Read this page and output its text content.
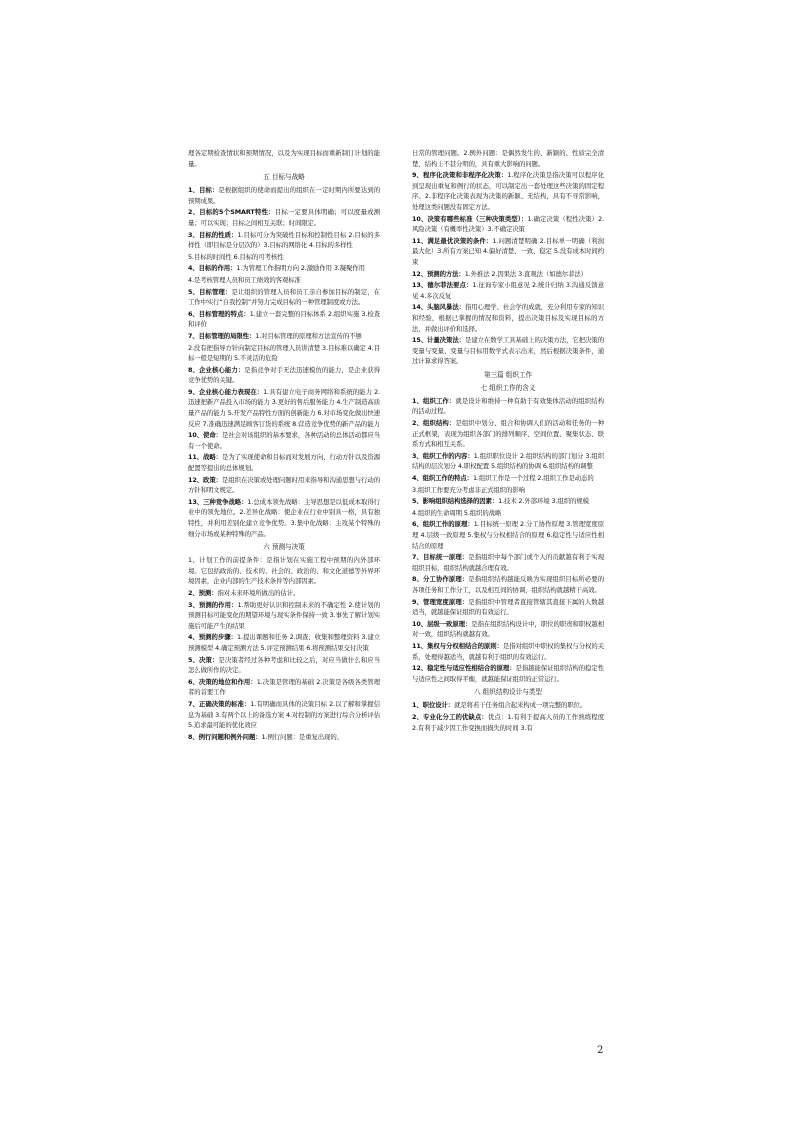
理各定期检查情状和预期情况，以及为实现目标而重新制订计划的能量。

五 目标与战略

1、目标：是根据组织的使命而提出的组织在一定时期内所要达到的预期成果。

2、目标的5个SMART特性：目标一定要具体明确；可以度量或测量；可以实现；目标之间相互关联；时间限定。

3、目标的性质：1.目标可分为突破性目标和控制性目标 2.目标的多样性（即目标是分层次的）3.目标的网络化 4.目标的多样性

5.目标的时间性 6.目标的可考核性

4、目标的作用：1.为管理工作指明方向 2.激励作用 3.凝聚作用

4.是考核管理人员和员工绩效的客观标准

5、目标管理：是让组织的管理人员和员工亲自参加目标的制定，在工作中实行“自我控制”并努力完成目标的一种管理制度或方法。

6、目标管理的特点：1.建立一套完整的目标体系 2.组织实施 3.检查和评价

7、目标管理的局限性：1.对目标管理的原理和方法宣传的不够

2.没有把指导方针向制定目标的管理人员讲清楚 3.目标难以确定 4.目标一般是短期的 5.不灵活的危险

8、企业核心能力：是指竞争对手无法迅速模仿的能力，是企业获得竞争优势的关键。

9、企业核心能力表现在：1.具有建立电子商务网络和系统的能力 2.迅速把新产品投入市场的能力 3.更好的售后服务能力 4.生产制造高质量产品的能力 5.开发产品特性方面的创新能力 6.对市场变化做出快速反应 7.准确迅速满足顾客订货的系统 8.营造竞争优势的新产品的能力

10、使命：是社会对该组织的基本要求，各种活动的总体活动都应当有一个使命。

11、战略：是为了实现使命和目标而对发展方向、行动方针以及资源配置等提出的总体规划。

12、政策：是组织在决策或处理问题时用来指导和沟通思想与行动的方针和明文规定。

13、三种竞争战略：1.总成本领先战略：主导思想是以低成本取得行业中的领先地位。2.差异化战略：使企业在行业中别具一格，具有独特性，并利用差别化建立竞争优势。3.集中化战略：主攻某个特殊的细分市场或某种特殊的产品。

六 预测与决策

1、计划工作的前提条件：是指计划在实施工程中预期的内外部环境。它包括政治的、技术的、社会的、政治的、和文化道德等外界环境因素，企业内部的生产技术条件等内部因素。

2、预测：指对未来环境所做出的估计。

3、预测的作用：1.帮助更好认识和控制未来的不确定性 2.使计划的预测目标可能变化的期望环境与现实条件保持一致 3.事先了解计划实施后可能产生的结果

4、预测的步骤：1.提出课题和任务 2.调查、收集和整理资料 3.建立预测模型 4.确定预测方法 5.评定预测结果 6.将预测结果交付决策

5、决策：是决策者经过各种考虑和比较之后，对应当做什么和应当怎么做所作的决定。

6、决策的地位和作用：1.决策是管理的基础 2.决策是各级各类管理者的首要工作

7、正确决策的标准：1.有明确而具体的决策目标 2.以了解和掌握信息为基础 3.有两个以上的备选方案 4.对控制的方案进行综合分析评估 5.追求最可能的优化效应

8、例行问题和例外问题：1.例行问题：是重复出现的、

日常的管理问题。2.例外问题：是偶然发生的、新颖的、性质完全清楚、结构上不甚分明的，具有重大影响的问题。

9、程序化决策和非程序化决策：1.程序化决策是指决策可以程序化到呈现出重复和例行的状态，可以制定出一套处理这些决策的固定程序。2.非程序化决策表现为决策的新颖、无结构，具有不寻常影响，处理这类问题没有固定方法。

10、决策有哪些标准（三种决策类型）：1.确定决策（程性决策）2.风险决策（有概率性决策）3.不确定决策

11、满足最优决策的条件：1.问题清楚明确 2.目标单一明确（利润最大化）3.所有方案已知 4.偏好清楚、一致、稳定 5.没有成本时间约束

12、预测的方法：1.外推法 2.因果法 3.直观法（如德尔菲法）

13、德尔菲法要点：1.征询专家小组意见 2.统计归纳 3.沟通反馈意见 4.多次反复

14、头脑风暴法：指用心理学、社会学的成就，充分利用专家的知识和经验，根据已掌握的情况和资料，提出决策目标及实现目标的方法，并做出评价和选择。

15、计量决策法：是建立在数学工具基础上的决策方法，它把决策的变量与变量、变量与目标用数学式表示出来，然后根据决策条件，通过计算求得答案。

第三篇 组织工作
七 组织工作的含义

1、组织工作：就是设计和维持一种有助于有效集体活动的组织结构的活动过程。

2、组织结构：是组织中划分、组合和协调人们的活动和任务的一种正式框架，表现为组织各部门的排列顺序、空间位置、聚集状态、联系方式和相互关系。

3、组织工作的内容：1.组织职位设计 2.组织结构的部门划分 3.组织结构的层次划分 4.职权配置 5.组织结构的协调 6.组织结构的调整

4、组织工作的特点：1.组织工作是一个过程 2.组织工作是动态的

3.组织工作要充分考虑非正式组织的影响

5、影响组织结构选择的因素：1.技术 2.外部环境 3.组织的规模

4.组织的生命周期 5.组织的战略

6、组织工作的原理：1.目标统一原理 2.分工协作原理 3.管理宽度原理 4.层级一致原理 5.集权与分权相结合的原理 6.稳定性与适应性相结合的原理

7、目标统一原理：是指组织中每个部门或个人的贡献越有利于实现组织目标，组织结构就越合理有效。

8、分工协作原理：是指组织结构越能反映为实现组织目标所必要的各项任务和工作分工，以及相互间的协调，组织结构就越精干高效。

9、管理宽度原理：是指组织中管理者直接管辖其直接下属的人数越适当，就越能保证组织的有效运行。

10、层级一致原理：是指在组织结构设计中，职位的职责和职权越相对一致，组织结构就越有效。

11、集权与分权相结合的原则：是指对组织中职权的集权与分权的关系，处理得越适当，就越有利于组织的有效运行。

12、稳定性与适应性相结合的原理：是指越能保证组织结构的稳定性与适应性之间取得平衡，就越能保证组织的正常运行。

八 组织结构设计与类型

1、职位设计：就是将若干任务组合起来构成一项完整的职位。

2、专业化分工的优缺点：优点：1.有利于提高人员的工作熟练程度 2.有利于减少因工作变换而损失的时间 3.有

2
